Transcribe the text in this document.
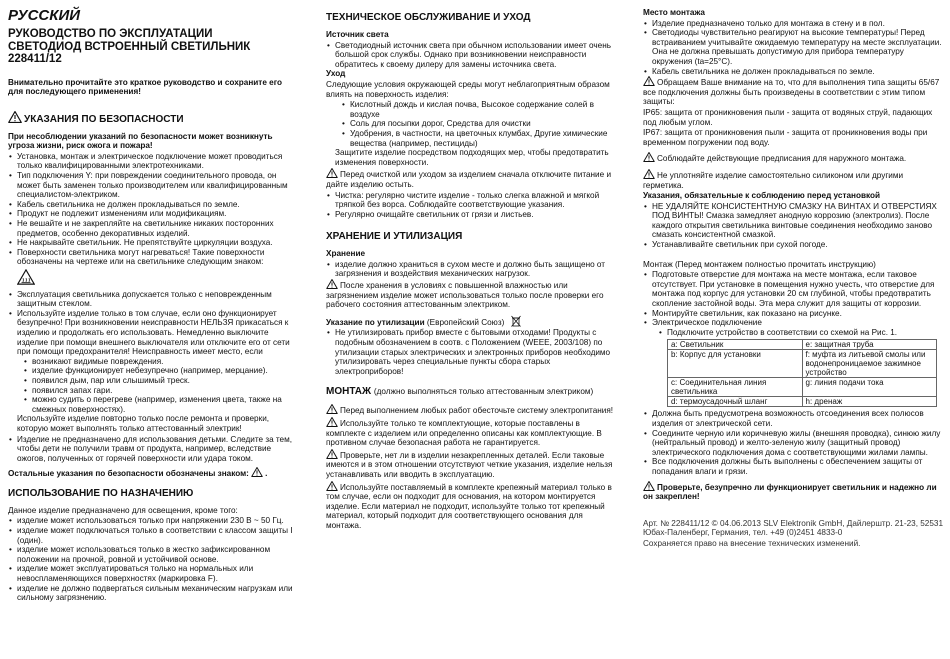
РУССКИЙ
РУКОВОДСТВО ПО ЭКСПЛУАТАЦИИ
СВЕТОДИОД ВСТРОЕННЫЙ СВЕТИЛЬНИК
228411/12

Внимательно прочитайте это краткое руководство и сохраните его для последующего применения!

УКАЗАНИЯ ПО БЕЗОПАСНОСТИ

При несоблюдении указаний по безопасности может возникнуть угроза жизни, риск ожога и пожара!

• Установка, монтаж и электрическое подключение может проводиться только квалифицированными электротехниками.
• Тип подключения Y: при повреждении соединительного провода, он может быть заменен только производителем или квалифицированным специалистом-электриком.
• Кабель светильника не должен прокладываться по земле.
• Продукт не подлежит изменениям или модификациям.
• Не вешайте и не закрепляйте на светильнике никаких посторонних предметов, особенно декоративных изделий.
• Не накрывайте светильник. Не препятствуйте циркуляции воздуха.
• Поверхности светильника могут нагреваться! Такие поверхности обозначены на чертеже или на светильнике следующим знаком:
• Эксплуатация светильника допускается только с неповрежденным защитным стеклом.
• Используйте изделие только в том случае, если оно функционирует безупречно! При возникновении неисправности НЕЛЬЗЯ прикасаться к изделию и продолжать его использовать. Немедленно выключите изделие при помощи внешнего выключателя или отключите его от сети при помощи предохранителя! Неисправность имеет место, если
• возникают видимые повреждения.
• изделие функционирует небезупречно (например, мерцание).
• появился дым, пар или слышимый треск.
• появился запах гари.
• можно судить о перегреве (например, изменения цвета, также на смежных поверхностях).

Используйте изделие повторно только после ремонта и проверки, которую может выполнять только аттестованный электрик!

• Изделие не предназначено для использования детьми. Следите за тем, чтобы дети не получили травм от продукта, например, вследствие ожогов, полученных от горячей поверхности или удара током.

Остальные указания по безопасности обозначены знаком: .

ИСПОЛЬЗОВАНИЕ ПО НАЗНАЧЕНИЮ

Данное изделие предназначено для освещения, кроме того:

• изделие может использоваться только при напряжении 230 В ~ 50 Гц.
• изделие может подключаться только в соответствии с классом защиты I (один).
• изделие может использоваться только в жестко зафиксированном положении на прочной, ровной и устойчивой основе.
• изделие может эксплуатироваться только на нормальных или невоспламеняющихся поверхностях (маркировка F).
• изделие не должно подвергаться сильным механическим нагрузкам или сильному загрязнению.
ТЕХНИЧЕСКОЕ ОБСЛУЖИВАНИЕ И УХОД

Источник света

• Светодиодный источник света при обычном использовании имеет очень большой срок службы. Однако при возникновении неисправности обратитесь к своему дилеру для замены источника света.

Уход

Следующие условия окружающей среды могут неблагоприятным образом влиять на поверхность изделия:

• Кислотный дождь и кислая почва, Высокое содержание солей в воздухе
• Соль для посыпки дорог, Средства для очистки
• Удобрения, в частности, на цветочных клумбах, Другие химические вещества (например, пестициды)

Защитите изделие посредством подходящих мер, чтобы предотвратить изменения поверхности.

Перед очисткой или уходом за изделием сначала отключите питание и дайте изделию остыть.

• Чистка: регулярно чистите изделие - только слегка влажной и мягкой тряпкой без ворса. Соблюдайте соответствующие указания.
• Регулярно очищайте светильник от грязи и листьев.
ХРАНЕНИЕ И УТИЛИЗАЦИЯ

Хранение

• изделие должно храниться в сухом месте и должно быть защищено от загрязнения и воздействия механических нагрузок.

После хранения в условиях с повышенной влажностью или загрязнением изделие может использоваться только после проверки его рабочего состояния аттестованным электриком.

Указание по утилизации (Европейский Союз)

• Не утилизировать прибор вместе с бытовыми отходами! Продукты с подобным обозначением в соотв. с Положением (WEEE, 2003/108) по утилизации старых электрических и электронных приборов необходимо утилизировать через специальные пункты сбора старых электроприборов!
МОНТАЖ (должно выполняться только аттестованным электриком)

Перед выполнением любых работ обесточьте систему электропитания!

Используйте только те комплектующие, которые поставлены в комплекте с изделием или определенно описаны как комплектующие. В противном случае безопасная работа не гарантируется.

Проверьте, нет ли в изделии незакрепленных деталей. Если таковые имеются и в этом отношении отсутствуют четкие указания, изделие нельзя устанавливать или вводить в эксплуатацию.

Используйте поставляемый в комплекте крепежный материал только в том случае, если он подходит для основания, на котором монтируется изделие. Если материал не подходит, используйте только тот крепежный материал, который подходит для соответствующего основания для монтажа.

Место монтажа

• Изделие предназначено только для монтажа в стену и в пол.
• Светодиоды чувствительно реагируют на высокие температуры! Перед встраиванием учитывайте ожидаемую температуру на месте эксплуатации. Она не должна превышать допустимую для прибора температуру окружения (ta=25°C).
• Кабель светильника не должен прокладываться по земле.

Обращаем Ваше внимание на то, что для выполнения типа защиты 65/67 все подключения должны быть произведены в соответствии с этим типом защиты:

IP65: защита от проникновения пыли - защита от водяных струй, падающих под любым углом.

IP67: защита от проникновения пыли - защита от проникновения воды при временном погружении под воду.

Соблюдайте действующие предписания для наружного монтажа.

Не уплотняйте изделие самостоятельно силиконом или другими герметика.

Указания, обязательные к соблюдению перед установкой

• НЕ УДАЛЯЙТЕ КОНСИСТЕНТНУЮ СМАЗКУ НА ВИНТАХ И ОТВЕРСТИЯХ ПОД ВИНТЫ! Смазка замедляет анодную коррозию (электролиз). После каждого открытия светильника винтовые соединения необходимо заново смазать консистентной смазкой.
• Устанавливайте светильник при сухой погоде.

Монтаж (Перед монтажем полностью прочитать инструкцию)

• Подготовьте отверстие для монтажа на месте монтажа, если таковое отсутствует. При установке в помещения нужно учесть, что отверстие для монтажа под корпус для установки 20 см глубиной, чтобы предотвратить скопление застойной воды. Эта мера служит для защиты от коррозии.
• Монтируйте светильник, как показано на рисунке.
• Электрическое подключение
• Подключите устройство в соответствии со схемой на Рис. 1.
a: Светильник	e: защитная труба
b: Корпус для установки	f: муфта из литьевой смолы или водонепроницаемое зажимное устройство
c: Соединительная линия светильника	g: линия подачи тока
d: термоусадочный шланг	h: дренаж
• Должна быть предусмотрена возможность отсоединения всех полюсов изделия от электрической сети.
• Соедините черную или коричневую жилы (внешняя проводка), синюю жилу (нейтральный провод) и желто-зеленую жилу (защитный провод) электрического подключения дома с соответствующими жилами лампы.
• Все подключения должны быть выполнены с обеспечением защиты от попадания влаги и грязи.

Проверьте, безупречно ли функционирует светильник и надежно ли он закреплен!

Арт. № 228411/12 © 04.06.2013 SLV Elektronik GmbH, Дайлерштр. 21-23, 52531 Юбах-Паленберг, Германия, тел. +49 (0)2451 4833-0

Сохраняется право на внесение технических изменений.
